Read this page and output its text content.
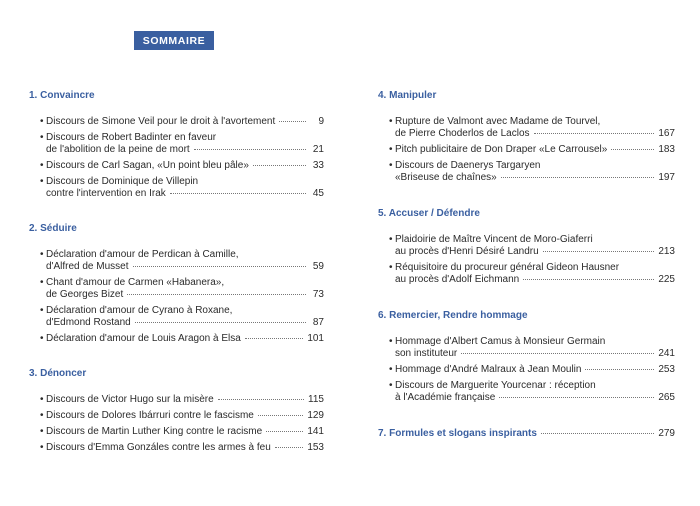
SOMMAIRE
1. Convaincre
• Discours de Simone Veil pour le droit à l'avortement	9
• Discours de Robert Badinter en faveur
de l'abolition de la peine de mort	21
• Discours de Carl Sagan, «Un point bleu pâle»	33
• Discours de Dominique de Villepin
contre l'intervention en Irak	45
2. Séduire
• Déclaration d'amour de Perdican à Camille,
d'Alfred de Musset	59
• Chant d'amour de Carmen «Habanera»,
de Georges Bizet	73
• Déclaration d'amour de Cyrano à Roxane,
d'Edmond Rostand	87
• Déclaration d'amour de Louis Aragon à Elsa	101
3. Dénoncer
• Discours de Victor Hugo sur la misère	115
• Discours de Dolores Ibárruri contre le fascisme	129
• Discours de Martin Luther King contre le racisme	141
• Discours d'Emma Gonzáles contre les armes à feu	153
4. Manipuler
• Rupture de Valmont avec Madame de Tourvel,
de Pierre Choderlos de Laclos	167
• Pitch publicitaire de Don Draper «Le Carrousel»	183
• Discours de Daenerys Targaryen
«Briseuse de chaînes»	197
5. Accuser / Défendre
• Plaidoirie de Maître Vincent de Moro-Giaferri
au procès d'Henri Désiré Landru	213
• Réquisitoire du procureur général Gideon Hausner
au procès d'Adolf Eichmann	225
6. Remercier, Rendre hommage
• Hommage d'Albert Camus à Monsieur Germain
son instituteur	241
• Hommage d'André Malraux à Jean Moulin	253
• Discours de Marguerite Yourcenar : réception
à l'Académie française	265
7. Formules et slogans inspirants	279
